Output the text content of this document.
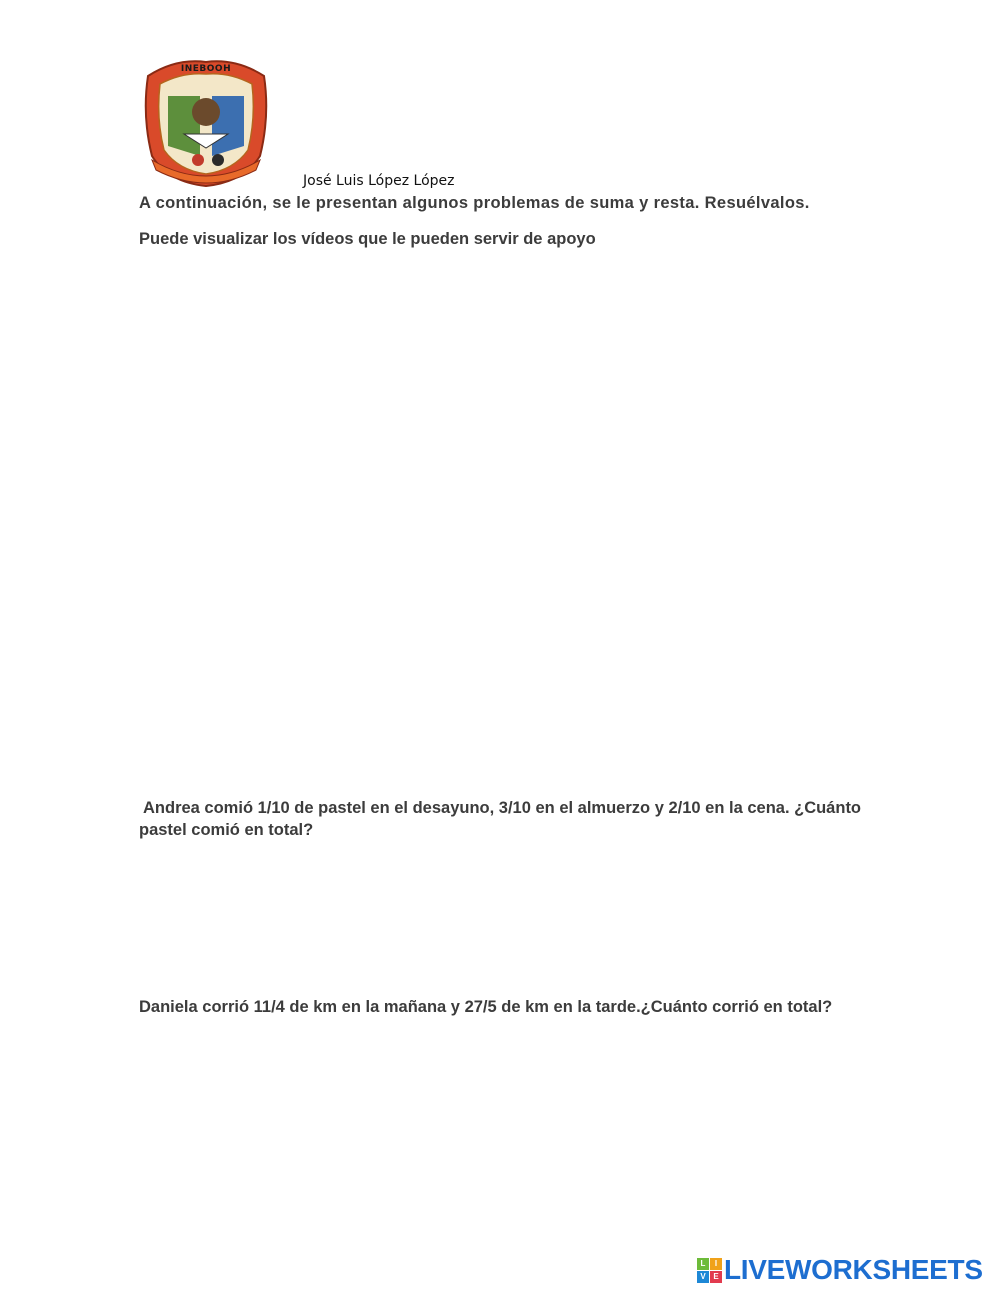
INEBOOH
José Luis López López
A continuación, se le presentan algunos problemas de suma y resta. Resuélvalos.
Puede visualizar los vídeos que le pueden servir de apoyo
Andrea comió 1/10 de pastel en el desayuno, 3/10 en el almuerzo y 2/10 en la cena. ¿Cuánto pastel comió en total?
Daniela corrió 11/4 de km en la mañana y 27/5 de km en la tarde.¿Cuánto corrió en total?
L	I
V E LIVEWORKSHEETS
